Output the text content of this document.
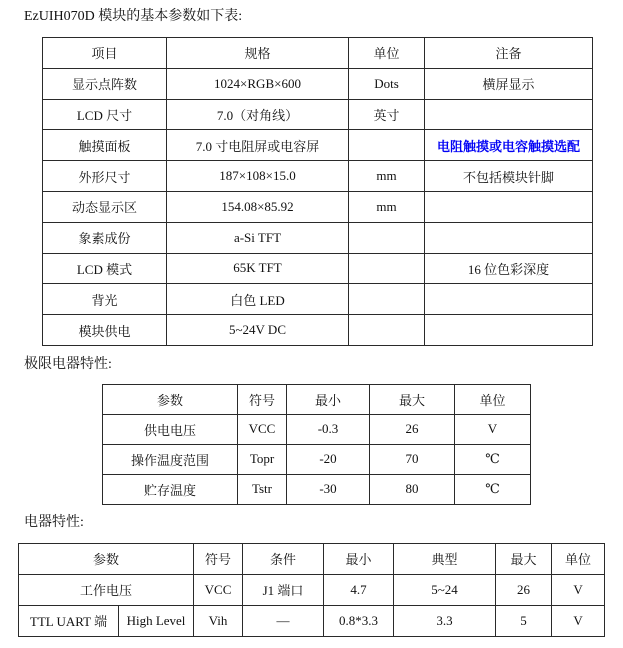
EzUIH070D 模块的基本参数如下表:

项目	规格	单位	注备
显示点阵数	1024×RGB×600	Dots	横屏显示
LCD 尺寸	7.0（对角线）	英寸	
触摸面板	7.0 寸电阻屏或电容屏		电阻触摸或电容触摸选配
外形尺寸	187×108×15.0	mm	不包括模块针脚
动态显示区	154.08×85.92	mm	
象素成份	a-Si TFT		
LCD 模式	65K TFT		16 位色彩深度
背光	白色 LED		
模块供电	5~24V DC		

极限电器特性:

参数	符号	最小	最大	单位
供电电压	VCC	-0.3	26	V
操作温度范围	Topr	-20	70	℃
贮存温度	Tstr	-30	80	℃

电器特性:

参数		符号	条件	最小	典型	最大	单位
工作电压		VCC	J1 端口	4.7	5~24	26	V
TTL UART 端	High Level	Vih	—	0.8*3.3	3.3	5	V
